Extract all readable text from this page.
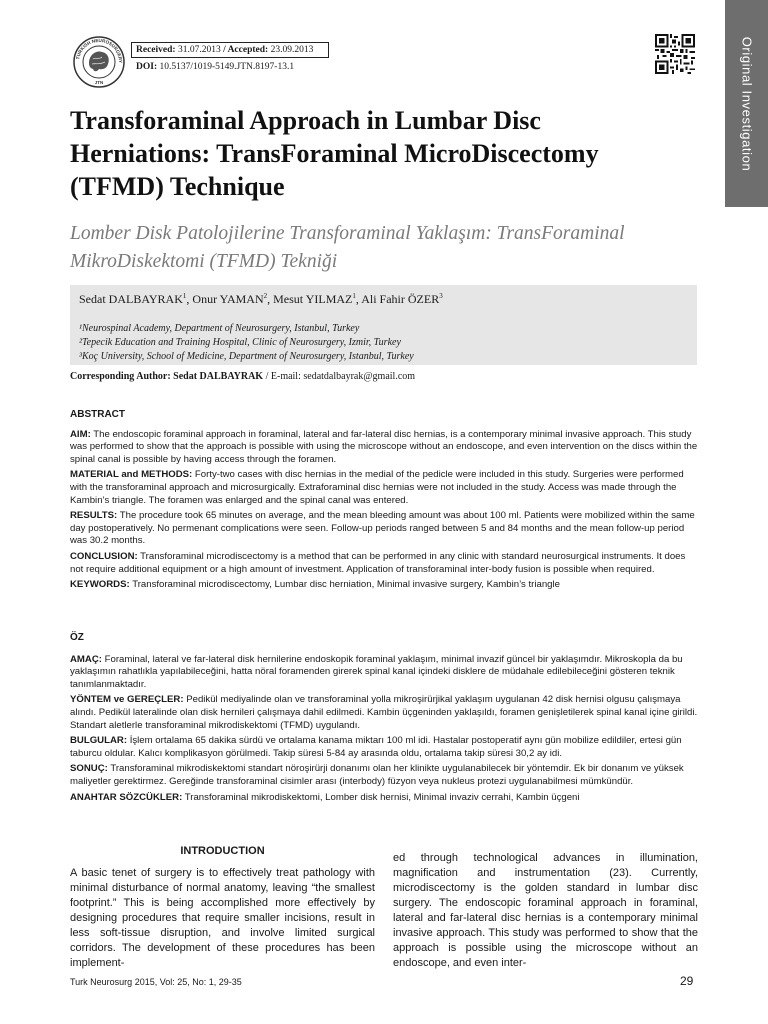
TURKISH NEUROSURGERY
JTN
Received: 31.07.2013 / Accepted: 23.09.2013
DOI: 10.5137/1019-5149.JTN.8197-13.1	Original Investigation
Transforaminal Approach in Lumbar Disc
Herniations: TransForaminal MicroDiscectomy
(TFMD) Technique
Lomber Disk Patolojilerine Transforaminal Yaklaşım: TransForaminal
MikroDiskektomi (TFMD) Tekniği
Sedat DALBAYRAK$^1$, Onur YAMAN$^2$, Mesut YILMAZ$^1$, Ali Fahir ÖZER$^3$
¹Neurospinal Academy, Department of Neurosurgery, Istanbul, Turkey
²Tepecik Education and Training Hospital, Clinic of Neurosurgery, Izmir, Turkey
³Koç University, School of Medicine, Department of Neurosurgery, Istanbul, Turkey
Corresponding Author: Sedat DALBAYRAK / E-mail: sedatdalbayrak@gmail.com

ABSTRACT

AIM: The endoscopic foraminal approach in foraminal, lateral and far-lateral disc hernias, is a contemporary minimal invasive approach. This study was performed to show that the approach is possible with using the microscope without an endoscope, and even intervention on the discs within the spinal canal is possible by having access through the foramen.

MATERIAL and METHODS: Forty-two cases with disc hernias in the medial of the pedicle were included in this study. Surgeries were performed with the transforaminal approach and microsurgically. Extraforaminal disc hernias were not included in the study. Access was made through the Kambin’s triangle. The foramen was enlarged and the spinal canal was entered.

RESULTS: The procedure took 65 minutes on average, and the mean bleeding amount was about 100 ml. Patients were mobilized within the same day postoperatively. No permenant complications were seen. Follow-up periods ranged between 5 and 84 months and the mean follow-up period was 30.2 months.

CONCLUSION: Transforaminal microdiscectomy is a method that can be performed in any clinic with standard neurosurgical instruments. It does not require additional equipment or a high amount of investment. Application of transforaminal inter-body fusion is possible when required.

KEYWORDS: Transforaminal microdiscectomy, Lumbar disc herniation, Minimal invasive surgery, Kambin’s triangle

ÖZ

AMAÇ: Foraminal, lateral ve far-lateral disk hernilerine endoskopik foraminal yaklaşım, minimal invazif güncel bir yaklaşımdır. Mikroskopla da bu yaklaşımın rahatlıkla yapılabileceğini, hatta nöral foramenden girerek spinal kanal içindeki disklere de müdahale edilebileceğini gösteren teknik tanımlanmaktadır.

YÖNTEM ve GEREÇLER: Pedikül mediyalinde olan ve transforaminal yolla mikroşirürjikal yaklaşım uygulanan 42 disk hernisi olgusu çalışmaya alındı. Pedikül lateralinde olan disk hernileri çalışmaya dahil edilmedi. Kambin üçgeninden yaklaşıldı, foramen genişletilerek spinal kanal içine girildi. Standart aletlerle transforaminal mikrodiskektomi (TFMD) uygulandı.

BULGULAR: İşlem ortalama 65 dakika sürdü ve ortalama kanama miktarı 100 ml idi. Hastalar postoperatif aynı gün mobilize edildiler, ertesi gün taburcu oldular. Kalıcı komplikasyon görülmedi. Takip süresi 5-84 ay arasında oldu, ortalama takip süresi 30,2 ay idi.

SONUÇ: Transforaminal mikrodiskektomi standart nöroşirürji donanımı olan her klinikte uygulanabilecek bir yöntemdir. Ek bir donanım ve yüksek maliyetler gerektirmez. Gereğinde transforaminal cisimler arası (interbody) füzyon veya nukleus protezi uygulanabilmesi mümkündür.

ANAHTAR SÖZCÜKLER: Transforaminal mikrodiskektomi, Lomber disk hernisi, Minimal invaziv cerrahi, Kambin üçgeni

INTRODUCTION

A basic tenet of surgery is to effectively treat pathology with minimal disturbance of normal anatomy, leaving “the smallest footprint.” This is being accomplished more effectively by designing procedures that require smaller incisions, result in less soft-tissue disruption, and involve limited surgical corridors. The development of these procedures has been implement-

ed through technological advances in illumination, magnification and instrumentation (23). Currently, microdiscectomy is the golden standard in lumbar disc surgery. The endoscopic foraminal approach in foraminal, lateral and far-lateral disc hernias is a contemporary minimal invasive approach. This study was performed to show that the approach is possible using the microscope without an endoscope, and even inter-

Turk Neurosurg 2015, Vol: 25, No: 1, 29-35	29
